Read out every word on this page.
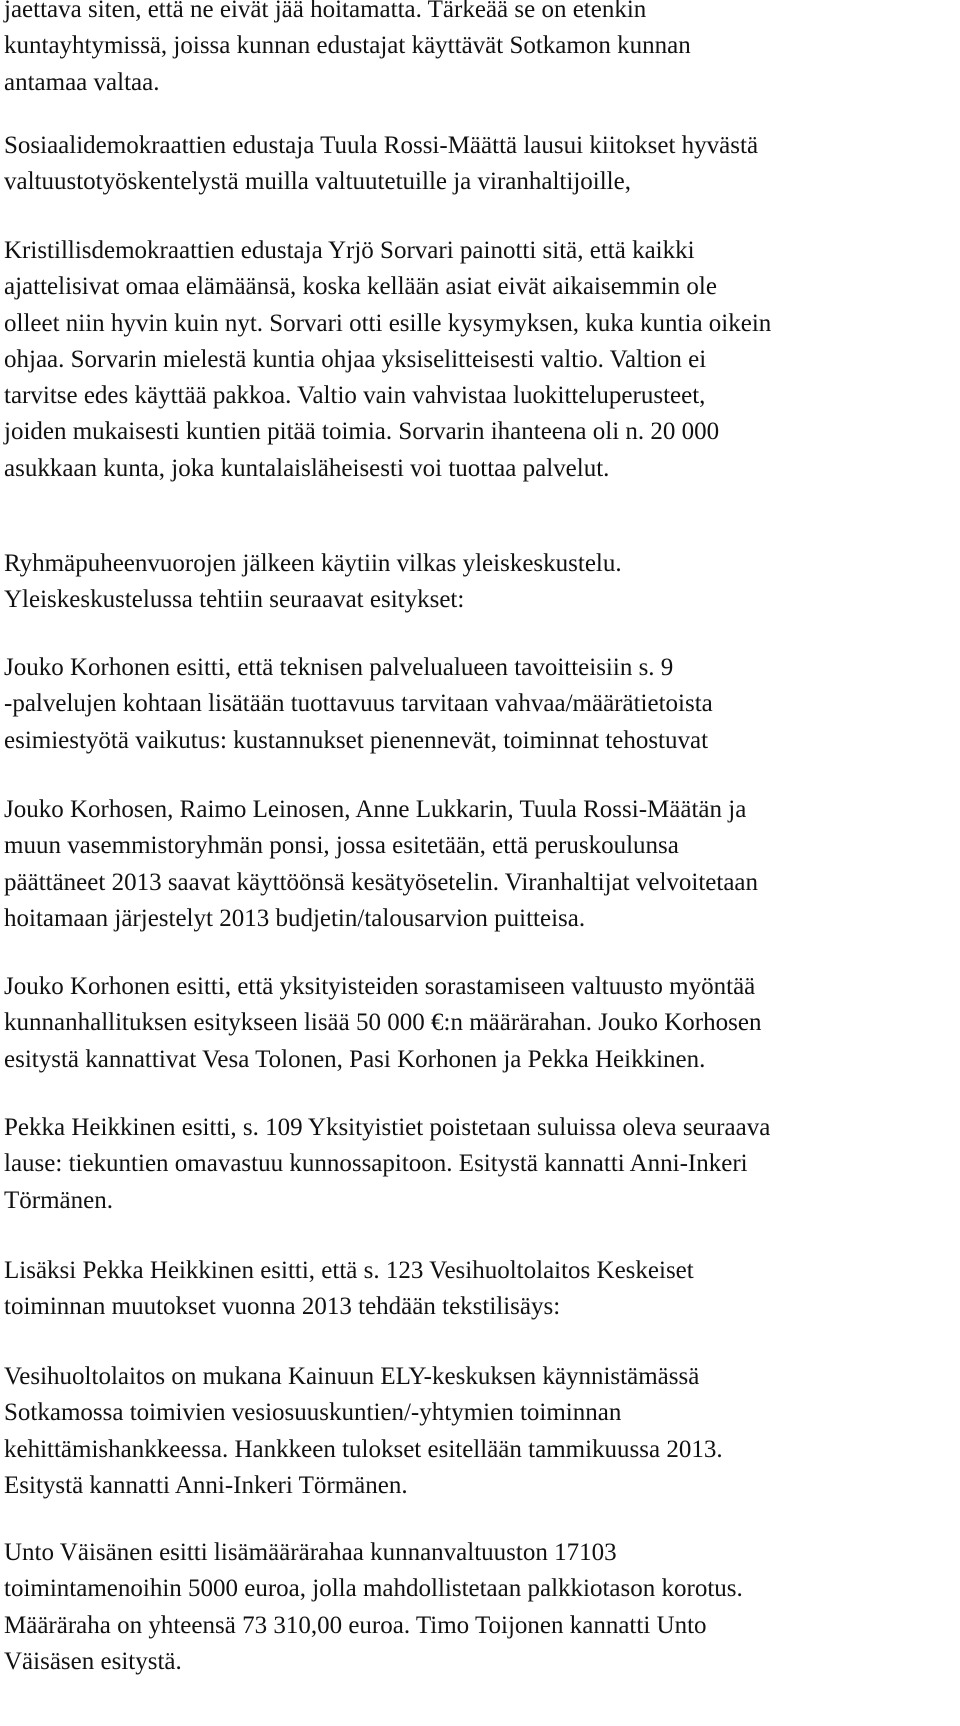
jaettava siten, että ne eivät jää hoitamatta. Tärkeää se on etenkin
kuntayhtymissä, joissa kunnan edustajat käyttävät Sotkamon kunnan
antamaa valtaa.

Sosiaalidemokraattien edustaja Tuula Rossi-Määttä lausui kiitokset hyvästä
valtuustotyöskentelystä muilla valtuutetuille ja viranhaltijoille,

Kristillisdemokraattien edustaja Yrjö Sorvari painotti sitä, että kaikki
ajattelisivat omaa elämäänsä, koska kellään asiat eivät aikaisemmin ole
olleet niin hyvin kuin nyt. Sorvari otti esille kysymyksen, kuka kuntia oikein
ohjaa. Sorvarin mielestä kuntia ohjaa yksiselitteisesti valtio. Valtion ei
tarvitse edes käyttää pakkoa. Valtio vain vahvistaa luokitteluperusteet,
joiden mukaisesti kuntien pitää toimia. Sorvarin ihanteena oli n. 20 000
asukkaan kunta, joka kuntalaisläheisesti voi tuottaa palvelut.

Ryhmäpuheenvuorojen jälkeen käytiin vilkas yleiskeskustelu.
Yleiskeskustelussa tehtiin seuraavat esitykset:

Jouko Korhonen esitti, että teknisen palvelualueen tavoitteisiin s. 9
-palvelujen kohtaan lisätään tuottavuus tarvitaan vahvaa/määrätietoista
esimiestyötä vaikutus: kustannukset pienennevät, toiminnat tehostuvat

Jouko Korhosen, Raimo Leinosen, Anne Lukkarin, Tuula Rossi-Määtän ja
muun vasemmistoryhmän ponsi, jossa esitetään, että peruskoulunsa
päättäneet 2013 saavat käyttöönsä kesätyösetelin. Viranhaltijat velvoitetaan
hoitamaan järjestelyt 2013 budjetin/talousarvion puitteisa.

Jouko Korhonen esitti, että yksityisteiden sorastamiseen valtuusto myöntää
kunnanhallituksen esitykseen lisää 50 000 €:n määrärahan. Jouko Korhosen
esitystä kannattivat Vesa Tolonen, Pasi Korhonen ja Pekka Heikkinen.

Pekka Heikkinen esitti, s. 109 Yksityistiet poistetaan suluissa oleva seuraava
lause: tiekuntien omavastuu kunnossapitoon. Esitystä kannatti Anni-Inkeri
Törmänen.

Lisäksi Pekka Heikkinen esitti, että s. 123 Vesihuoltolaitos Keskeiset
toiminnan muutokset vuonna 2013 tehdään tekstilisäys:

Vesihuoltolaitos on mukana Kainuun ELY-keskuksen käynnistämässä
Sotkamossa toimivien vesiosuuskuntien/-yhtymien toiminnan
kehittämishankkeessa. Hankkeen tulokset esitellään tammikuussa 2013.
Esitystä kannatti Anni-Inkeri Törmänen.

Unto Väisänen esitti lisämäärärahaa kunnanvaltuuston 17103
toimintamenoihin 5000 euroa, jolla mahdollistetaan palkkiotason korotus.
Määräraha on yhteensä 73 310,00 euroa. Timo Toijonen kannatti Unto
Väisäsen esitystä.
